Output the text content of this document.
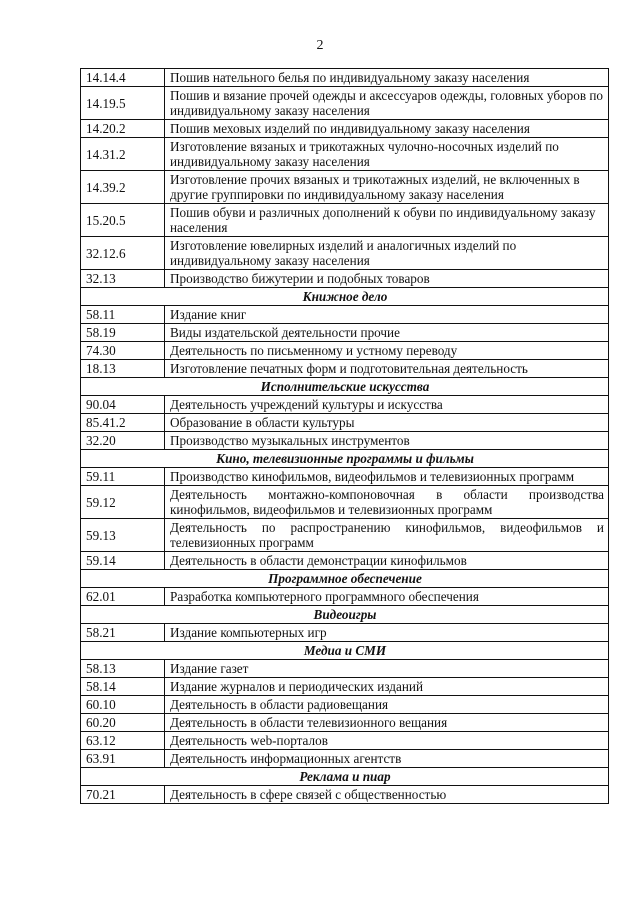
2
14.14.4	Пошив нательного белья по индивидуальному заказу населения
14.19.5	Пошив и вязание прочей одежды и аксессуаров одежды, головных уборов по индивидуальному заказу населения
14.20.2	Пошив меховых изделий по индивидуальному заказу населения
14.31.2	Изготовление вязаных и трикотажных чулочно-носочных изделий по индивидуальному заказу населения
14.39.2	Изготовление прочих вязаных и трикотажных изделий, не включенных в другие группировки по индивидуальному заказу населения
15.20.5	Пошив обуви и различных дополнений к обуви по индивидуальному заказу населения
32.12.6	Изготовление ювелирных изделий и аналогичных изделий по индивидуальному заказу населения
32.13	Производство бижутерии и подобных товаров
Книжное дело	
58.11	Издание книг
58.19	Виды издательской деятельности прочие
74.30	Деятельность по письменному и устному переводу
18.13	Изготовление печатных форм и подготовительная деятельность
Исполнительские искусства	
90.04	Деятельность учреждений культуры и искусства
85.41.2	Образование в области культуры
32.20	Производство музыкальных инструментов
Кино, телевизионные программы и фильмы	
59.11	Производство кинофильмов, видеофильмов и телевизионных программ
59.12	Деятельность монтажно-компоновочная в области производства кинофильмов, видеофильмов и телевизионных программ
59.13	Деятельность по распространению кинофильмов, видеофильмов и телевизионных программ
59.14	Деятельность в области демонстрации кинофильмов
Программное обеспечение	
62.01	Разработка компьютерного программного обеспечения
Видеоигры	
58.21	Издание компьютерных игр
Медиа и СМИ	
58.13	Издание газет
58.14	Издание журналов и периодических изданий
60.10	Деятельность в области радиовещания
60.20	Деятельность в области телевизионного вещания
63.12	Деятельность web-порталов
63.91	Деятельность информационных агентств
Реклама и пиар	
70.21	Деятельность в сфере связей с общественностью
